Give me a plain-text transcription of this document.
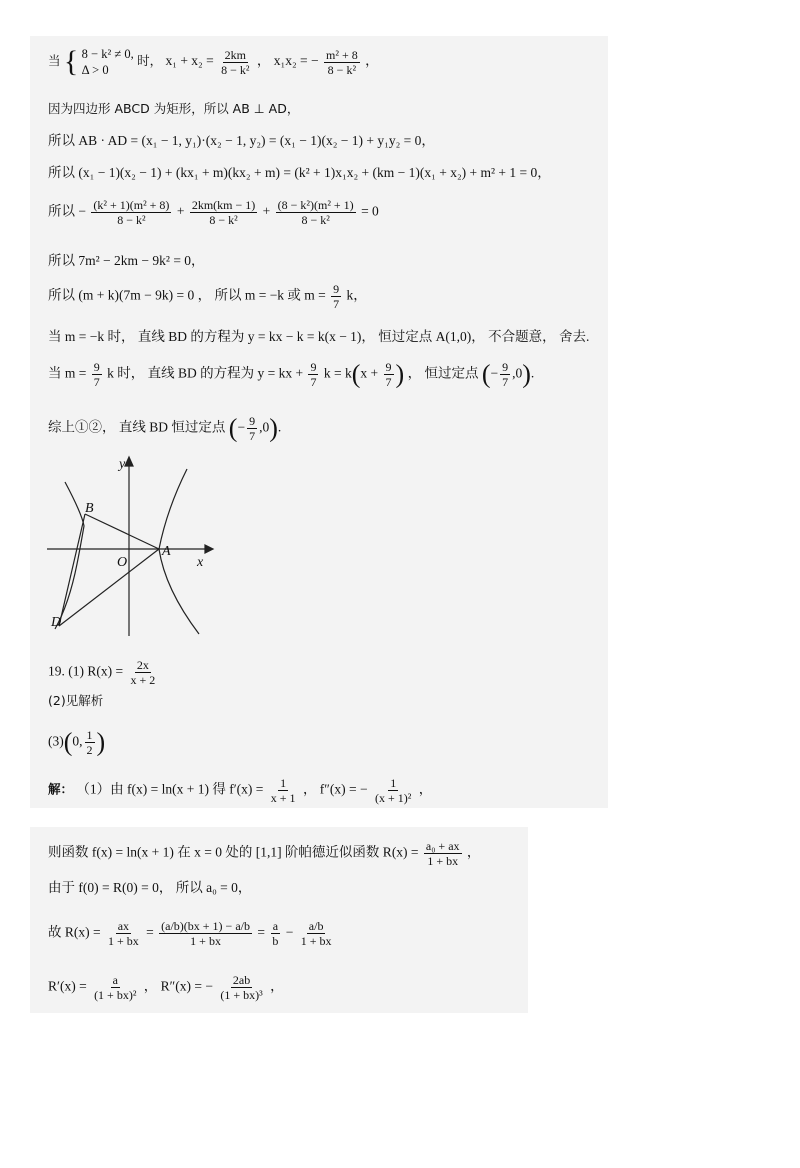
当 { 8 − k² ≠ 0,
Δ > 0
时， $x_1 + x_2 = \frac{2km}{\text{8 − k²}}$ ， x₁x₂ = − $\frac{\text{m² + 8}}{\text{8 − k²}}$ ，
因为四边形 ABCD 为矩形，所以 AB ⊥ AD，
所以 AB · AD = (x₁ − 1, y₁)·(x₂ − 1, y₂) = (x₁ − 1)(x₂ − 1) + y₁y₂ = 0，
所以 (x₁ − 1)(x₂ − 1) + (kx₁ + m)(kx₂ + m) = (k² + 1)x₁x₂ + (km − 1)(x₁ + x₂) + m² + 1 = 0，
所以 − $\frac{\text{(k² + 1)(m² + 8)}}{\text{8 − k²}} + \frac{2km(km - 1)}{\text{8 − k²}} + \frac{\text{(8 − k²)(m² + 1)}}{\text{8 − k²}} = 0$
所以 7m² − 2km − 9k² = 0，
所以 (m + k)(7m − 9k) = 0 ， 所以 m = −k 或 $m = \frac{9}{7}$ k，
当 m = −k 时， 直线 BD 的方程为 y = kx − k = k(x − 1)， 恒过定点 A(1,0)， 不合题意， 舍去.
当 $m = \frac{9}{7}$ k 时， 直线 BD 的方程为 y = kx + $\frac{9}{7}$ $k = k(x + \frac{9}{7}$ ) ， 恒过定点 (− $\frac{9}{7} ,0$).
综上①②， 直线 BD 恒过定点 (− $\frac{9}{7} ,0$).
y
x
O
A
B
D
19. (1) $R(x) = \frac{2x}{x + 2}$
(2)见解析
(3)(0, $\frac{1}{2}$ )
解： （1）由 f(x) = ln(x + 1) 得 $f'(x) = \frac{1}{x + 1}$ ， f″(x) = − $\frac{1}{\text{(x + 1)²}}$ ，
则函数 f(x) = ln(x + 1) 在 x = 0 处的 [1,1] 阶帕德近似函数 $R(x) = \frac{\text{a₀ + ax}}{1 + bx}$ ，
由于 f(0) = R(0) = 0， 所以 a₀ = 0，
故 $R(x) = \frac{ax}{1 + bx} = \frac{(a/b)(bx + 1) - a/b}{1 + bx} = \frac{a}{b} - \frac{a/b}{1 + bx}$
$R'(x) = \frac{a}{\text{(1 + bx)²}}$ ， R″(x) = − $\frac{2ab}{\text{(1 + bx)³}}$ ，
